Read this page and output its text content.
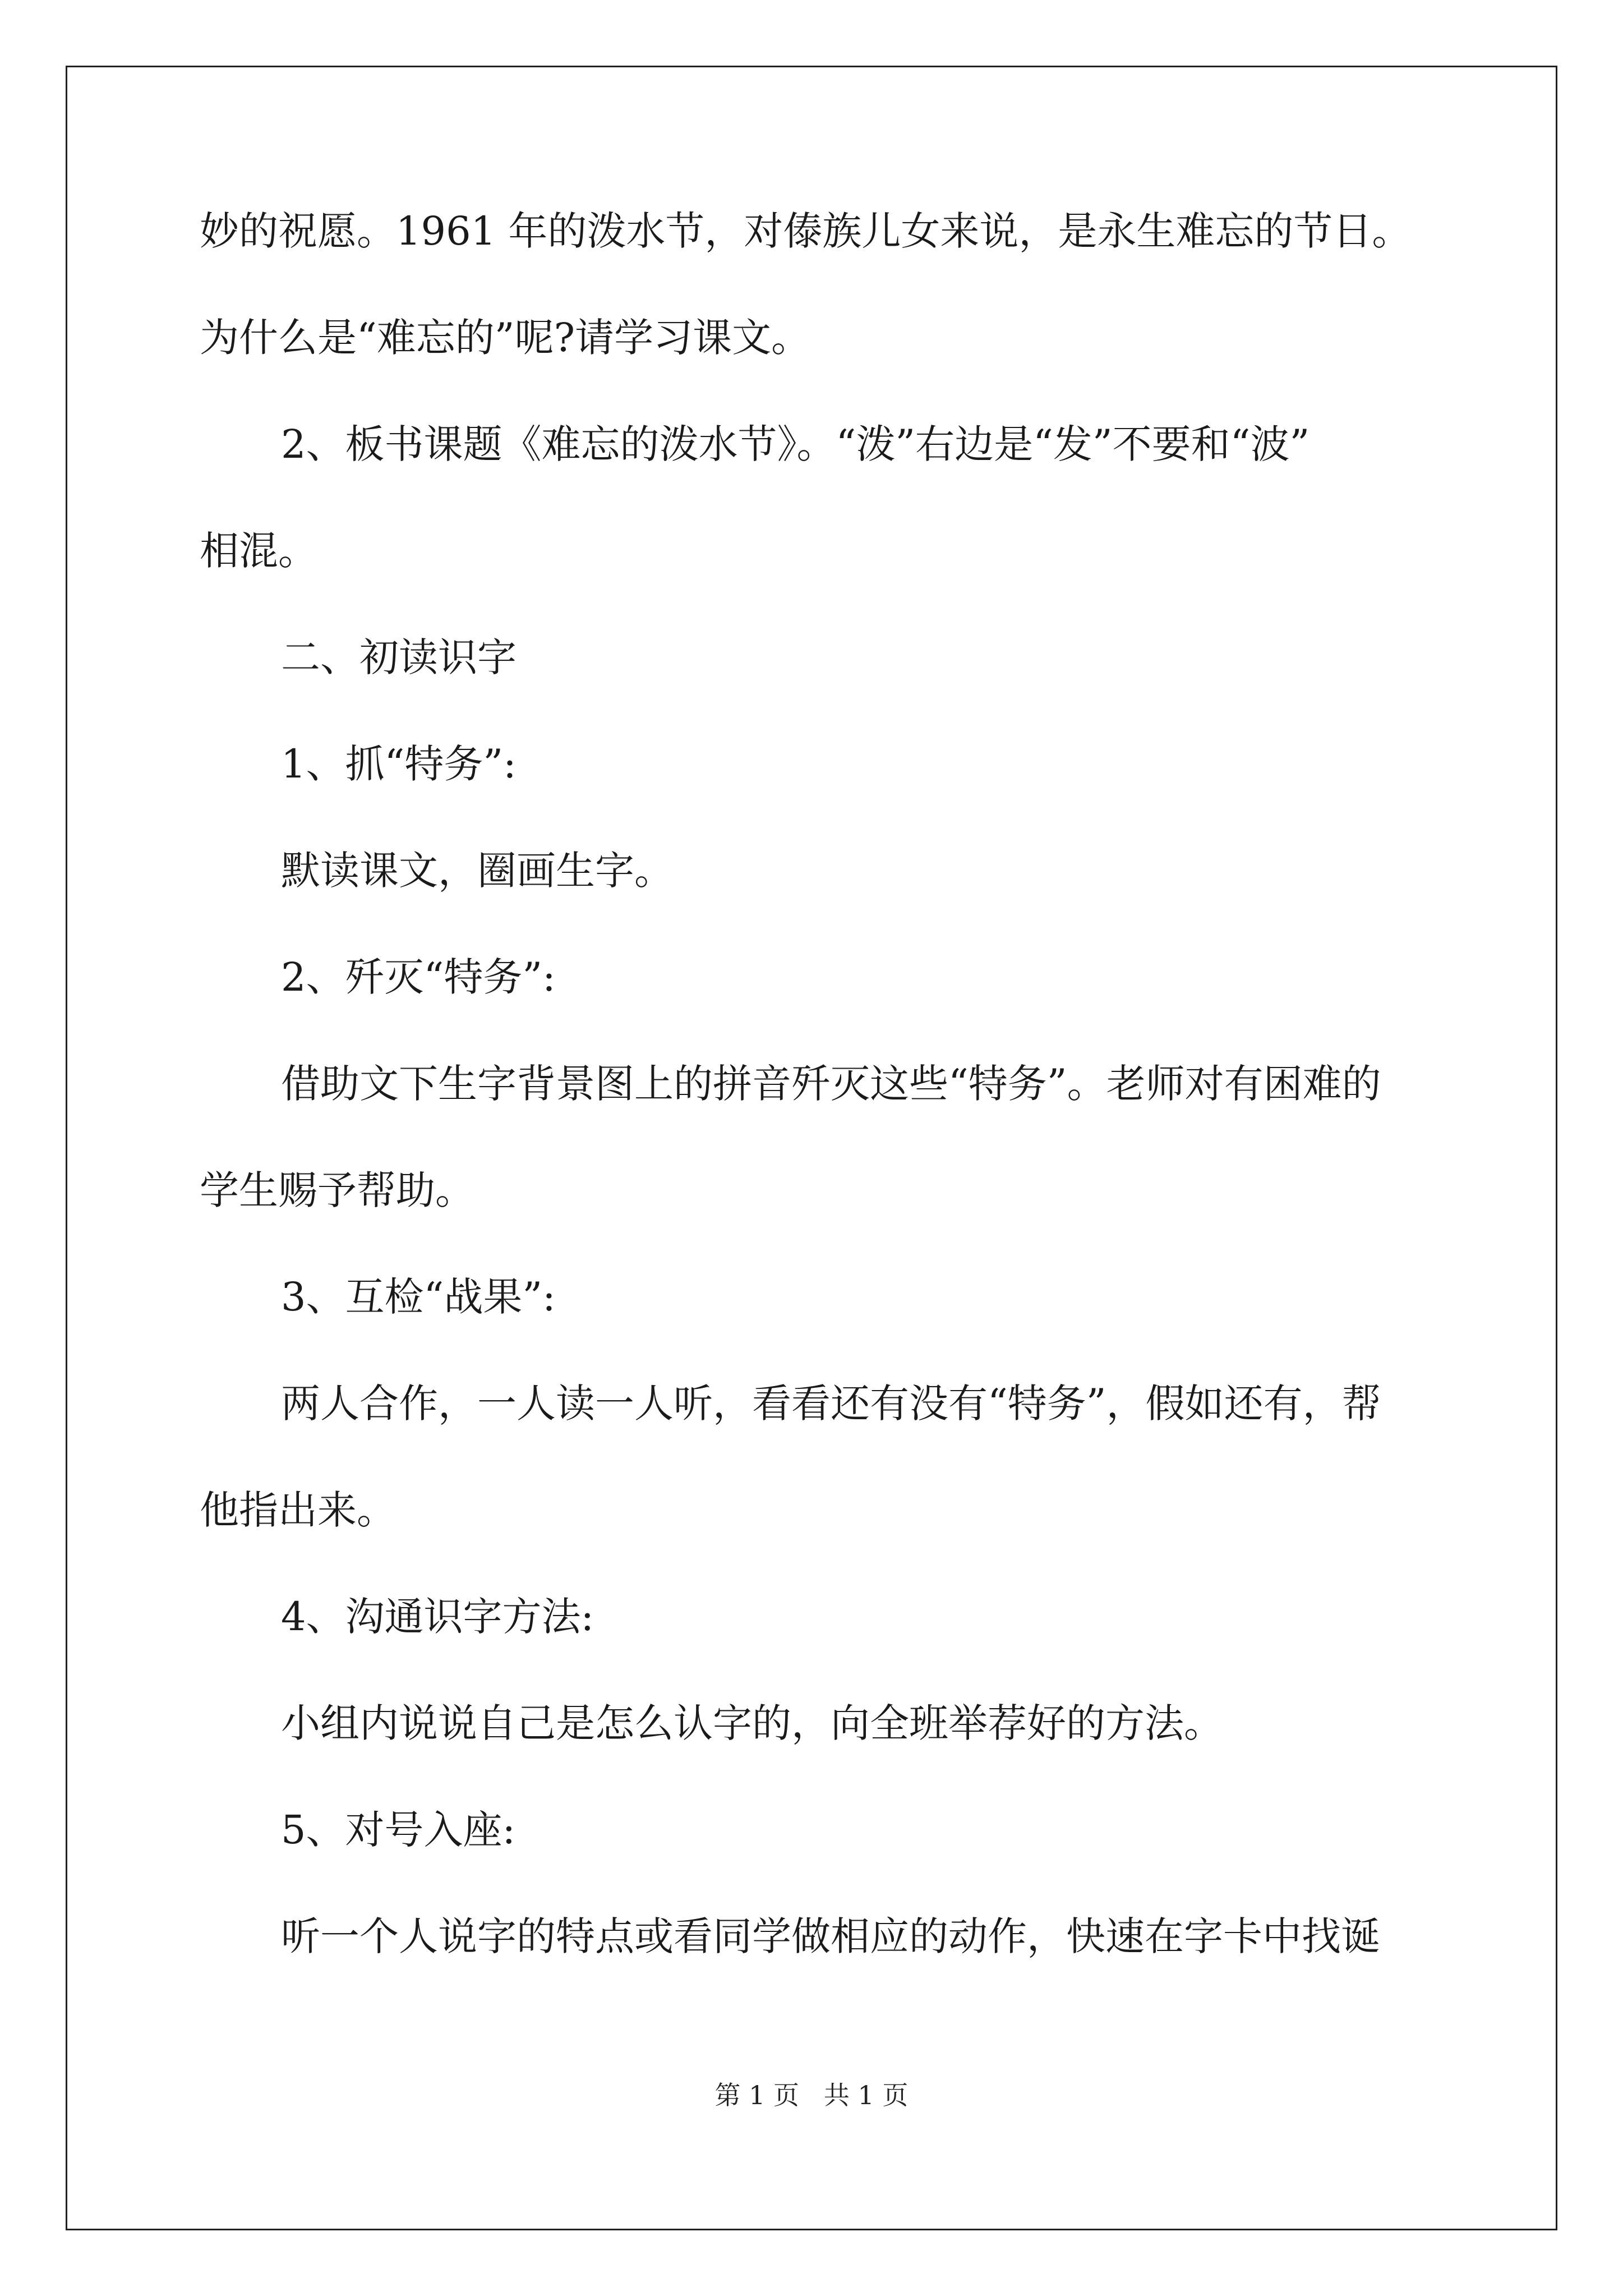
妙的祝愿。1961 年的泼水节，对傣族儿女来说，是永生难忘的节日。
为什么是“难忘的”呢?请学习课文。
2、板书课题《难忘的泼水节》。“泼”右边是“发”不要和“波”
相混。
二、初读识字
1、抓“特务”:
默读课文，圈画生字。
2、歼灭“特务”:
借助文下生字背景图上的拼音歼灭这些“特务”。老师对有困难的
学生赐予帮助。
3、互检“战果”:
两人合作，一人读一人听，看看还有没有“特务”，假如还有，帮
他指出来。
4、沟通识字方法:
小组内说说自己是怎么认字的，向全班举荐好的方法。
5、对号入座:
听一个人说字的特点或看同学做相应的动作，快速在字卡中找诞
第 1 页   共 1 页
